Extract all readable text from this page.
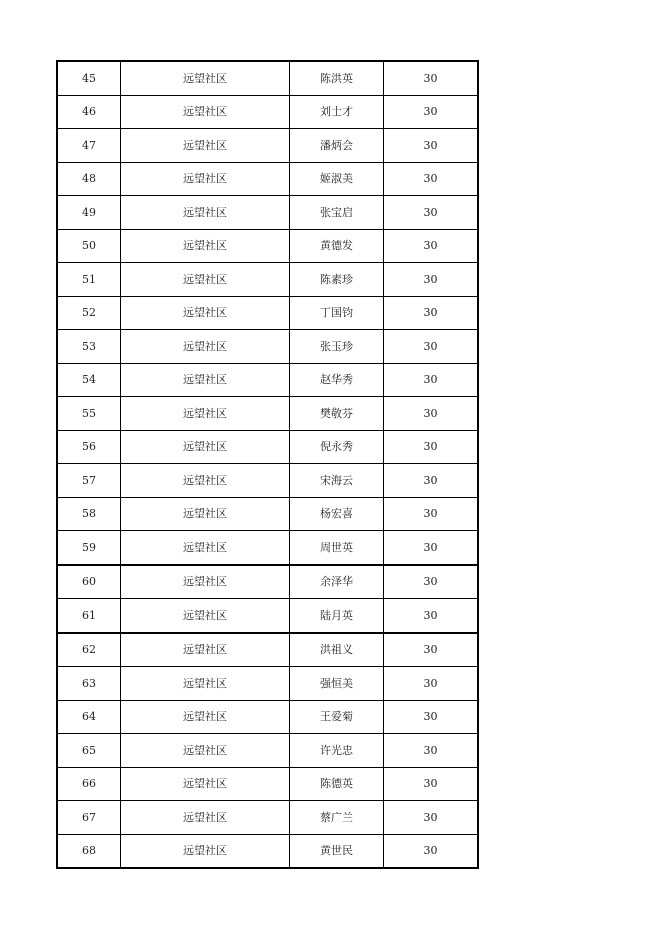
45	远望社区	陈洪英	30
46	远望社区	刘士才	30
47	远望社区	潘炳会	30
48	远望社区	姬淑美	30
49	远望社区	张宝启	30
50	远望社区	黄德发	30
51	远望社区	陈素珍	30
52	远望社区	丁国钧	30
53	远望社区	张玉珍	30
54	远望社区	赵华秀	30
55	远望社区	樊敬芬	30
56	远望社区	倪永秀	30
57	远望社区	宋海云	30
58	远望社区	杨宏喜	30
59	远望社区	周世英	30
60	远望社区	余泽华	30
61	远望社区	陆月英	30
62	远望社区	洪祖义	30
63	远望社区	强恒美	30
64	远望社区	王爱菊	30
65	远望社区	许光忠	30
66	远望社区	陈德英	30
67	远望社区	蔡广兰	30
68	远望社区	黄世民	30
